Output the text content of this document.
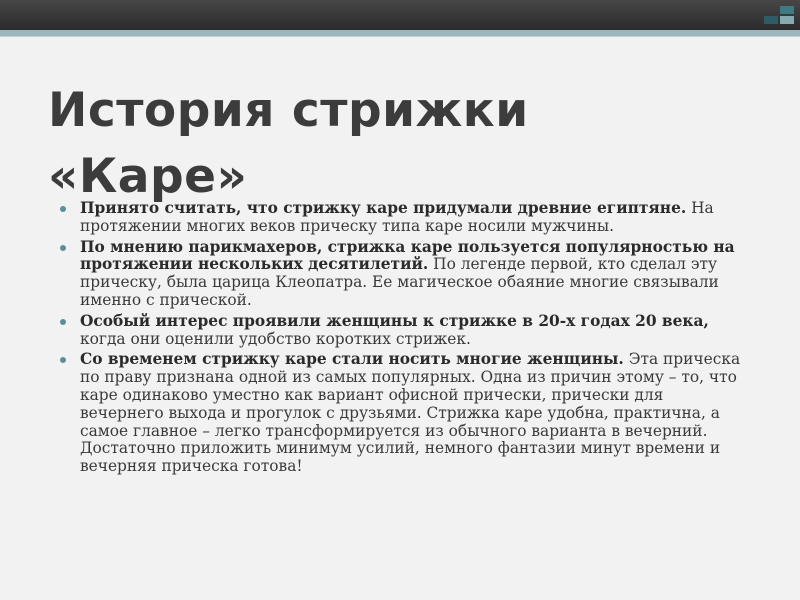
История стрижки
«Каре»
Принято считать, что стрижку каре придумали древние египтяне. На протяжении многих веков прическу типа каре носили мужчины.
По мнению парикмахеров, стрижка каре пользуется популярностью на протяжении нескольких десятилетий. По легенде первой, кто сделал эту прическу, была царица Клеопатра. Ее магическое обаяние многие связывали именно с прической.
Особый интерес проявили женщины к стрижке в 20-х годах 20 века, когда они оценили удобство коротких стрижек.
Со временем стрижку каре стали носить многие женщины. Эта прическа по праву признана одной из самых популярных. Одна из причин этому – то, что каре одинаково уместно как вариант офисной прически, прически для вечернего выхода и прогулок с друзьями. Стрижка каре удобна, практична, а самое главное – легко трансформируется из обычного варианта в вечерний. Достаточно приложить минимум усилий, немного фантазии минут времени и вечерняя прическа готова!
